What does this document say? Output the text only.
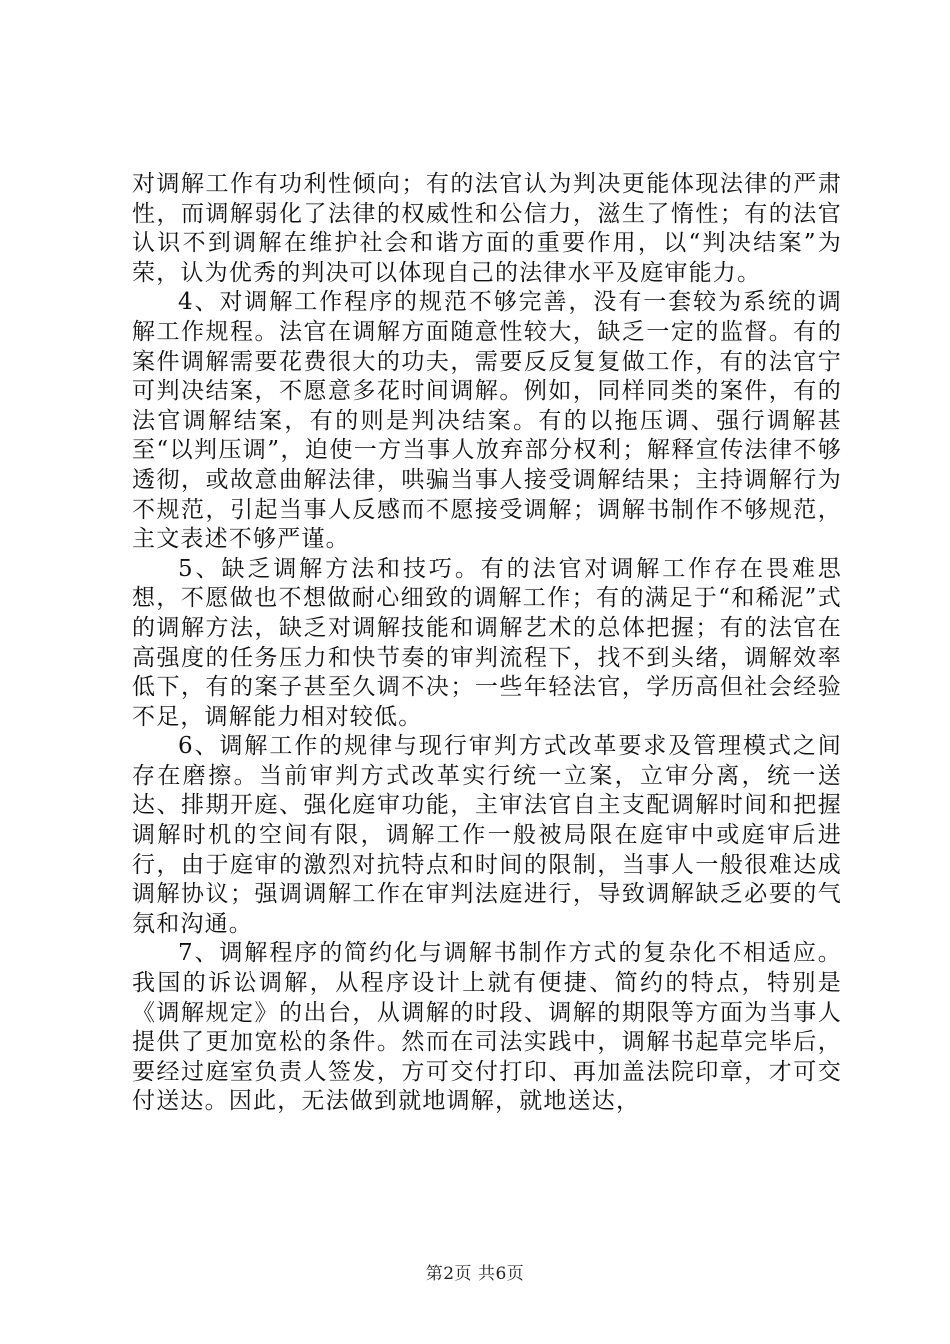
对调解工作有功利性倾向；有的法官认为判决更能体现法律的严肃性，而调解弱化了法律的权威性和公信力，滋生了惰性；有的法官认识不到调解在维护社会和谐方面的重要作用，以“判决结案”为荣，认为优秀的判决可以体现自己的法律水平及庭审能力。

4、对调解工作程序的规范不够完善，没有一套较为系统的调解工作规程。法官在调解方面随意性较大，缺乏一定的监督。有的案件调解需要花费很大的功夫，需要反反复复做工作，有的法官宁可判决结案，不愿意多花时间调解。例如，同样同类的案件，有的法官调解结案，有的则是判决结案。有的以拖压调、强行调解甚至“以判压调”，迫使一方当事人放弃部分权利；解释宣传法律不够透彻，或故意曲解法律，哄骗当事人接受调解结果；主持调解行为不规范，引起当事人反感而不愿接受调解；调解书制作不够规范，主文表述不够严谨。

5、缺乏调解方法和技巧。有的法官对调解工作存在畏难思想，不愿做也不想做耐心细致的调解工作；有的满足于“和稀泥”式的调解方法，缺乏对调解技能和调解艺术的总体把握；有的法官在高强度的任务压力和快节奏的审判流程下，找不到头绪，调解效率低下，有的案子甚至久调不决；一些年轻法官，学历高但社会经验不足，调解能力相对较低。

6、调解工作的规律与现行审判方式改革要求及管理模式之间存在磨擦。当前审判方式改革实行统一立案，立审分离，统一送达、排期开庭、强化庭审功能，主审法官自主支配调解时间和把握调解时机的空间有限，调解工作一般被局限在庭审中或庭审后进行，由于庭审的激烈对抗特点和时间的限制，当事人一般很难达成调解协议；强调调解工作在审判法庭进行，导致调解缺乏必要的气氛和沟通。

7、调解程序的简约化与调解书制作方式的复杂化不相适应。我国的诉讼调解，从程序设计上就有便捷、简约的特点，特别是《调解规定》的出台，从调解的时段、调解的期限等方面为当事人提供了更加宽松的条件。然而在司法实践中，调解书起草完毕后，要经过庭室负责人签发，方可交付打印、再加盖法院印章，才可交付送达。因此，无法做到就地调解，就地送达，

第2页 共6页
